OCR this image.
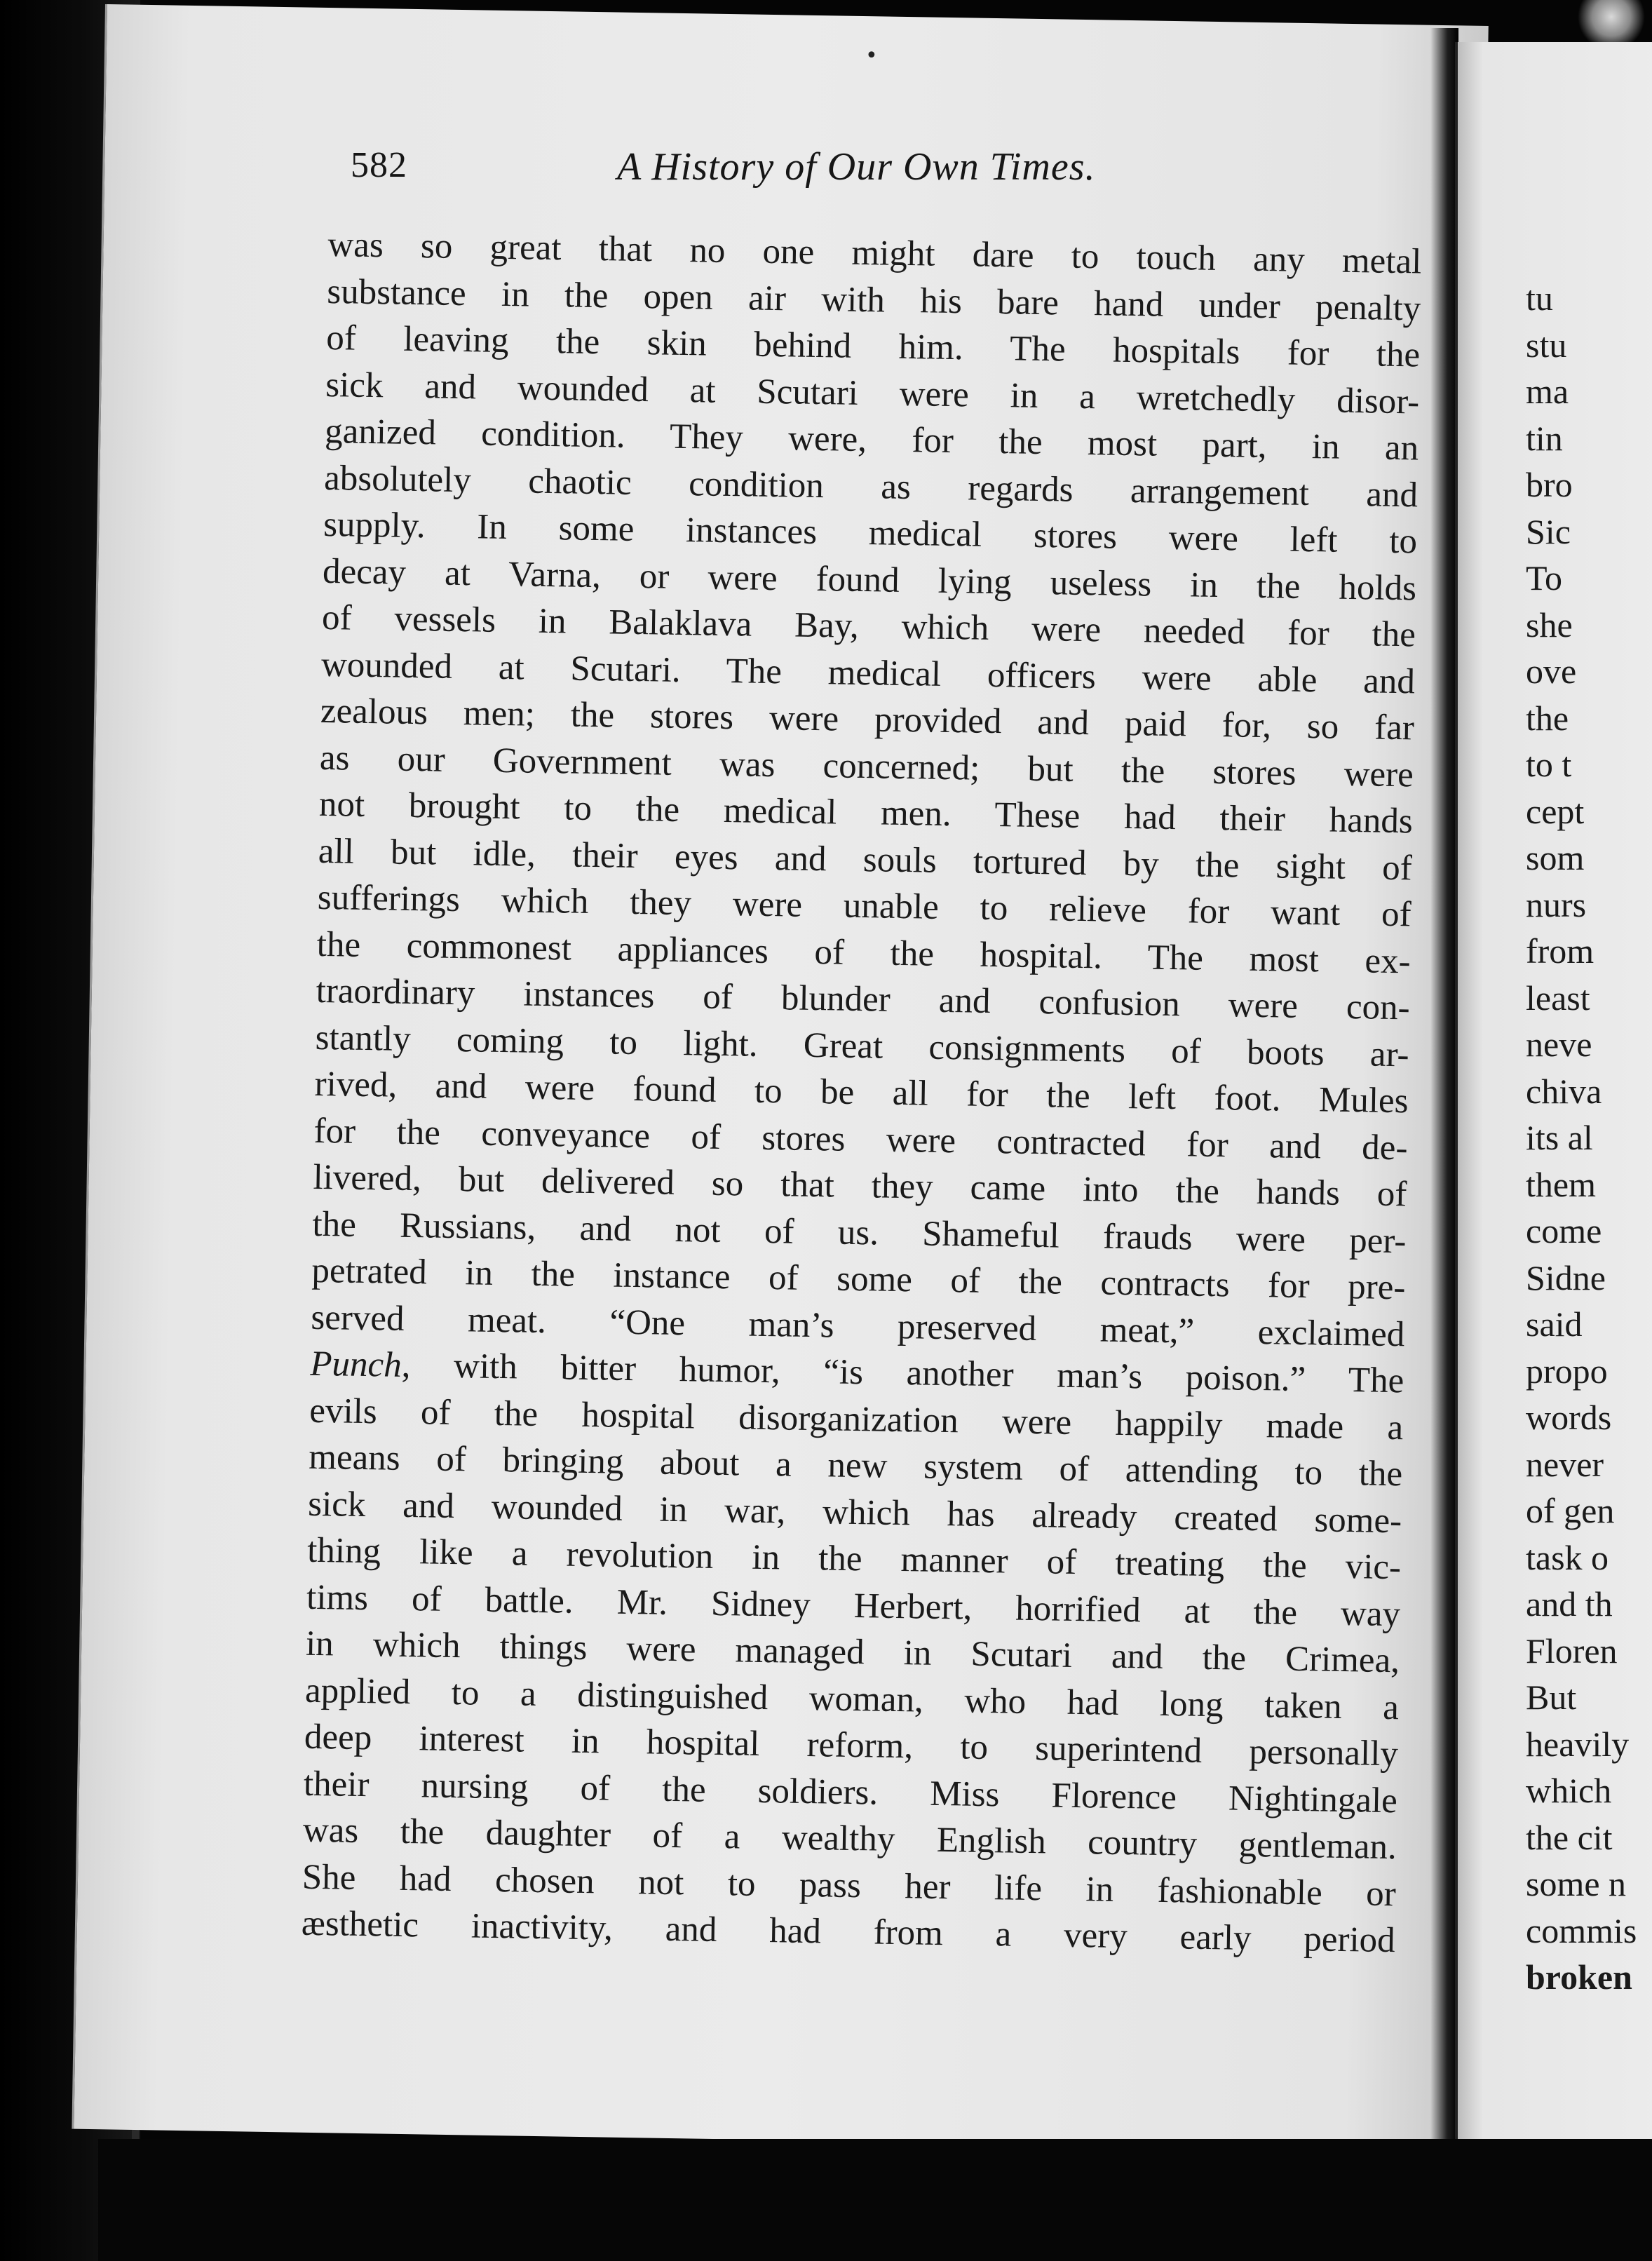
•
582	A History of Our Own Times.
was so great that no one might dare to touch any metal
substance in the open air with his bare hand under penalty
of leaving the skin behind him. The hospitals for the
sick and wounded at Scutari were in a wretchedly disor-
ganized condition. They were, for the most part, in an
absolutely chaotic condition as regards arrangement and
supply. In some instances medical stores were left to
decay at Varna, or were found lying useless in the holds
of vessels in Balaklava Bay, which were needed for the
wounded at Scutari. The medical officers were able and
zealous men; the stores were provided and paid for, so far
as our Government was concerned; but the stores were
not brought to the medical men. These had their hands
all but idle, their eyes and souls tortured by the sight of
sufferings which they were unable to relieve for want of
the commonest appliances of the hospital. The most ex-
traordinary instances of blunder and confusion were con-
stantly coming to light. Great consignments of boots ar-
rived, and were found to be all for the left foot. Mules
for the conveyance of stores were contracted for and de-
livered, but delivered so that they came into the hands of
the Russians, and not of us. Shameful frauds were per-
petrated in the instance of some of the contracts for pre-
served meat. “One man’s preserved meat,” exclaimed
Punch, with bitter humor, “is another man’s poison.” The
evils of the hospital disorganization were happily made a
means of bringing about a new system of attending to the
sick and wounded in war, which has already created some-
thing like a revolution in the manner of treating the vic-
tims of battle. Mr. Sidney Herbert, horrified at the way
in which things were managed in Scutari and the Crimea,
applied to a distinguished woman, who had long taken a
deep interest in hospital reform, to superintend personally
their nursing of the soldiers. Miss Florence Nightingale
was the daughter of a wealthy English country gentleman.
She had chosen not to pass her life in fashionable or
æsthetic inactivity, and had from a very early period
tu
stu
ma
tin
bro
Sic
To
she
ove
the
to t
cept
som
nurs
from
least
neve
chiva
its al
them
come
Sidne
said
propo
words
never
of gen
task o
and th
Floren
But
heavily
which
the cit
some n
commis
broken
